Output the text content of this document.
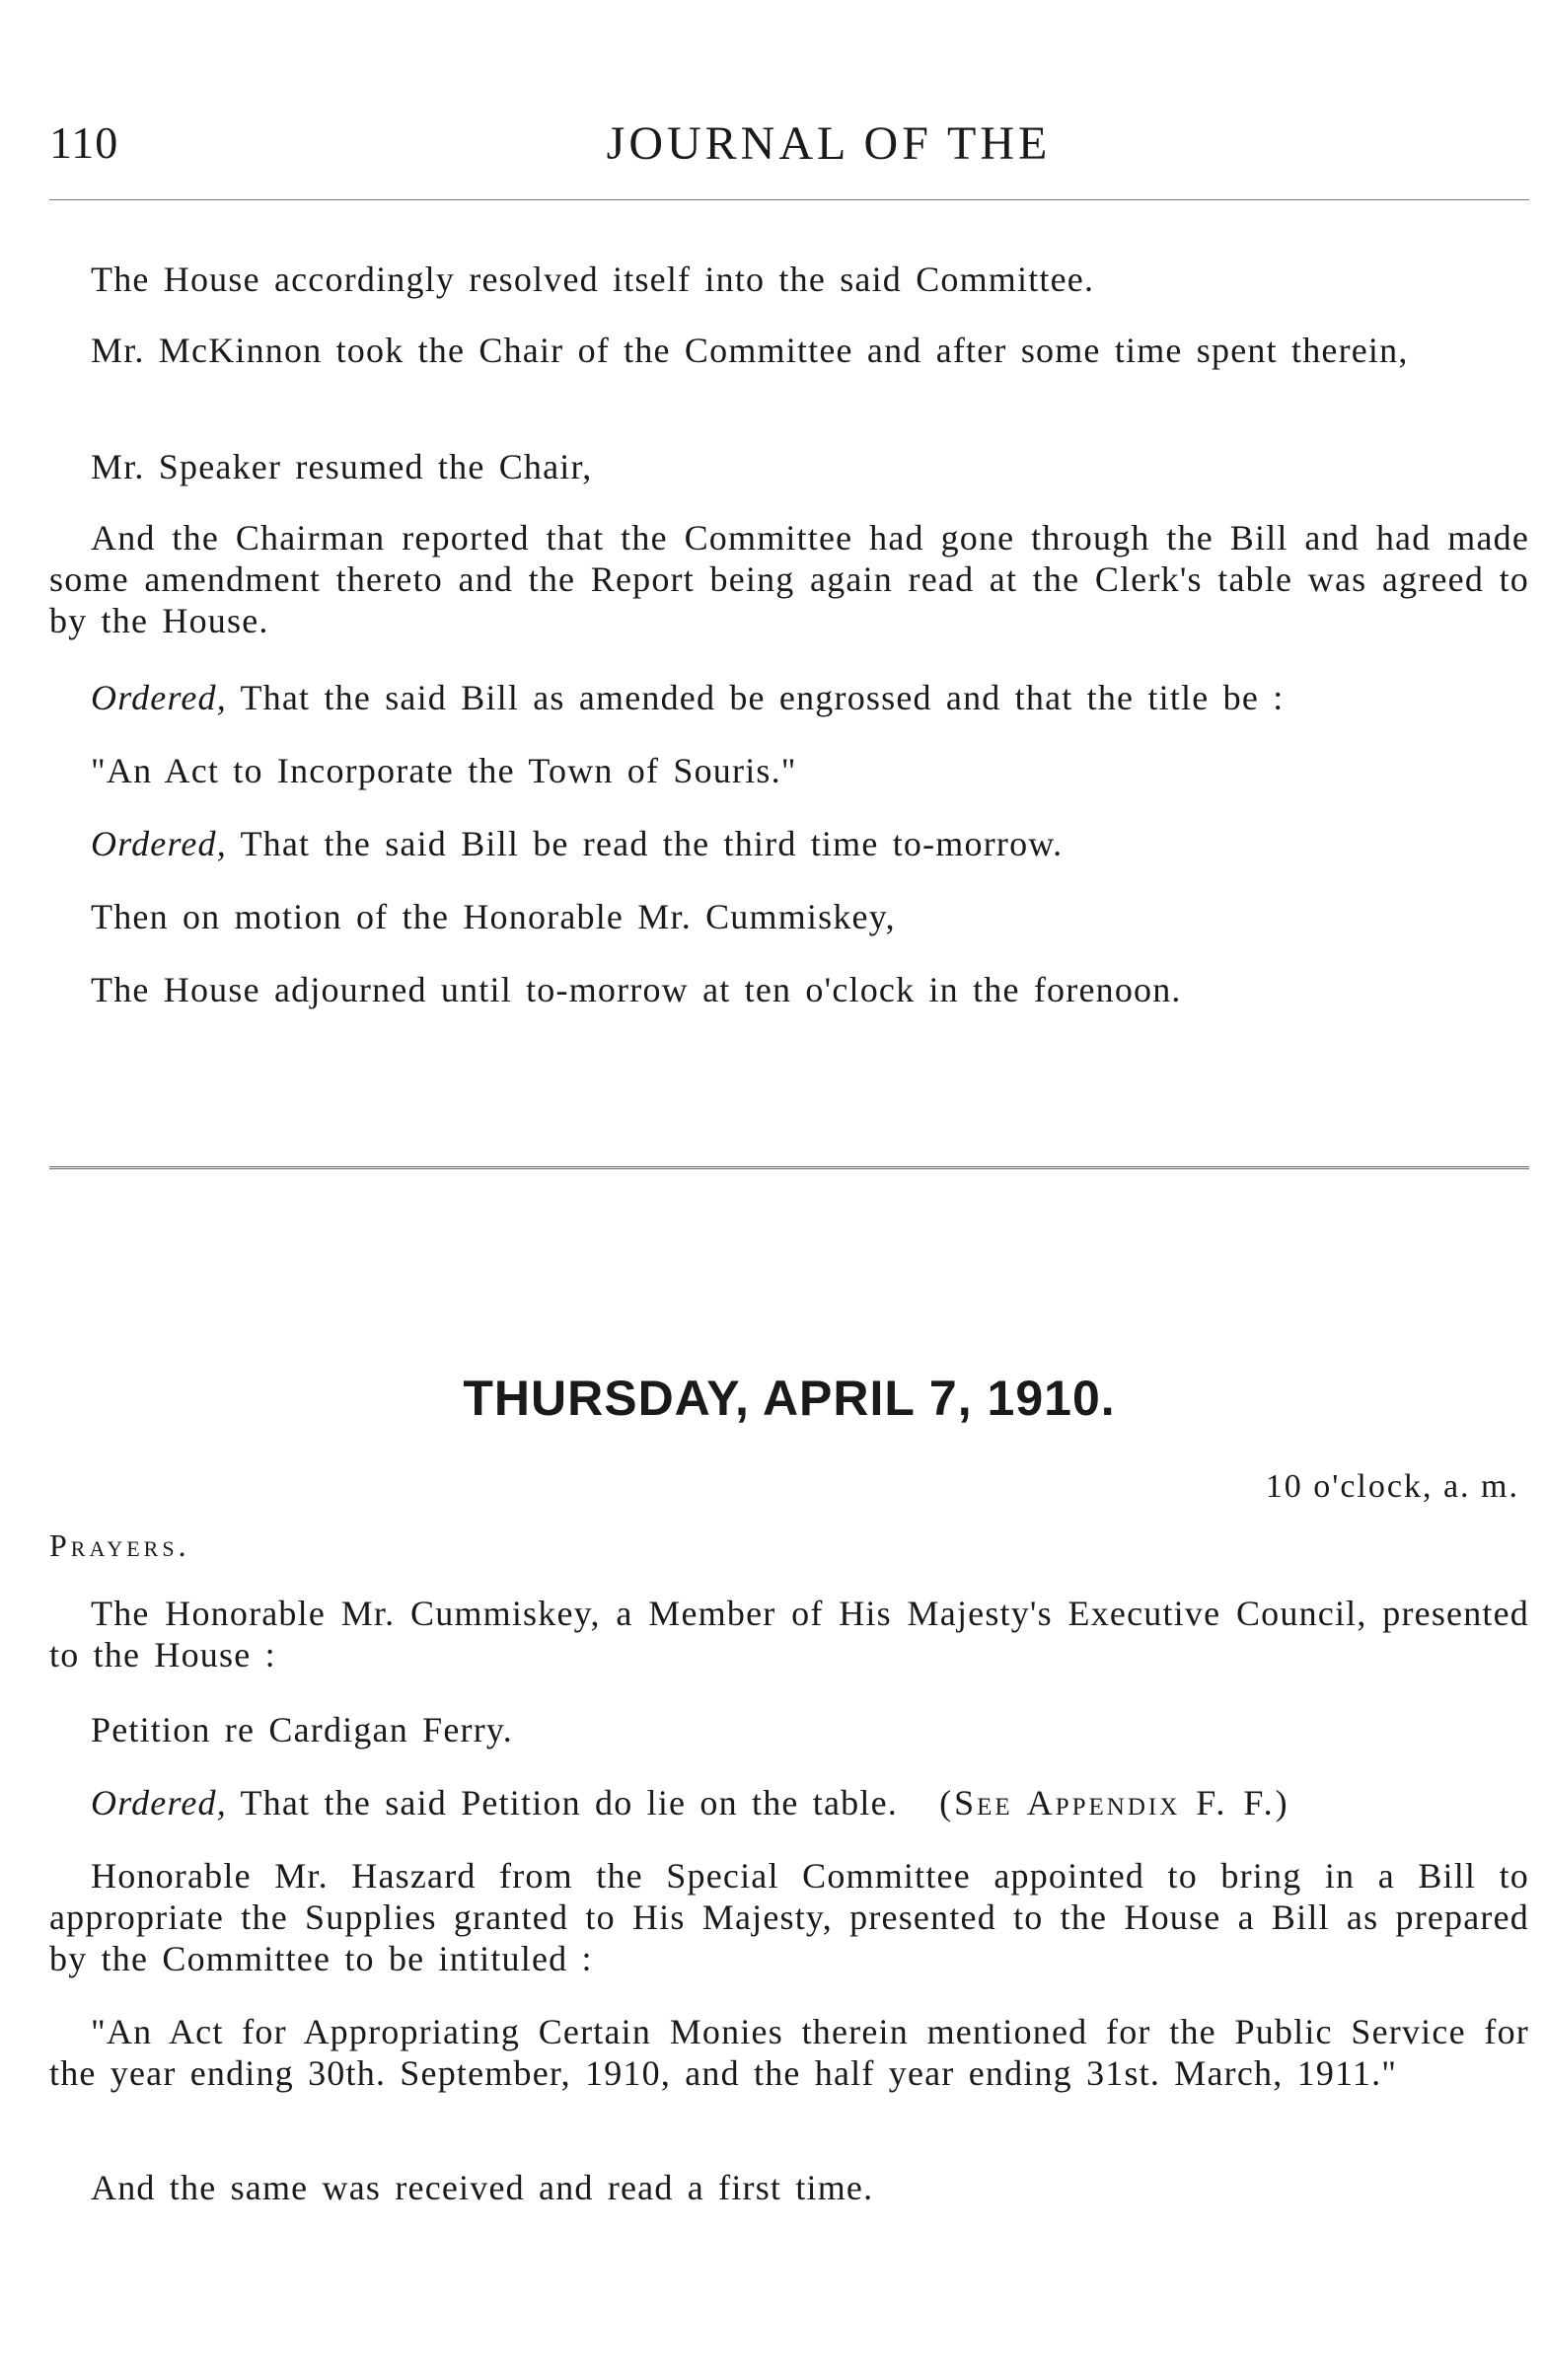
110	JOURNAL OF THE

The House accordingly resolved itself into the said Committee.

Mr. McKinnon took the Chair of the Committee and after some time spent therein,

Mr. Speaker resumed the Chair,

And the Chairman reported that the Committee had gone through the Bill and had made some amendment thereto and the Report being again read at the Clerk's table was agreed to by the House.

Ordered, That the said Bill as amended be engrossed and that the title be :

"An Act to Incorporate the Town of Souris."

Ordered, That the said Bill be read the third time to-morrow.

Then on motion of the Honorable Mr. Cummiskey,

The House adjourned until to-morrow at ten o'clock in the forenoon.

THURSDAY, APRIL 7, 1910.
10 o'clock, a. m.
Prayers.

The Honorable Mr. Cummiskey, a Member of His Majesty's Executive Council, presented to the House :

Petition re Cardigan Ferry.

Ordered, That the said Petition do lie on the table. (See Appendix F. F.)

Honorable Mr. Haszard from the Special Committee appointed to bring in a Bill to appropriate the Supplies granted to His Majesty, presented to the House a Bill as prepared by the Committee to be intituled :

"An Act for Appropriating Certain Monies therein mentioned for the Public Service for the year ending 30th. September, 1910, and the half year ending 31st. March, 1911."

And the same was received and read a first time.
